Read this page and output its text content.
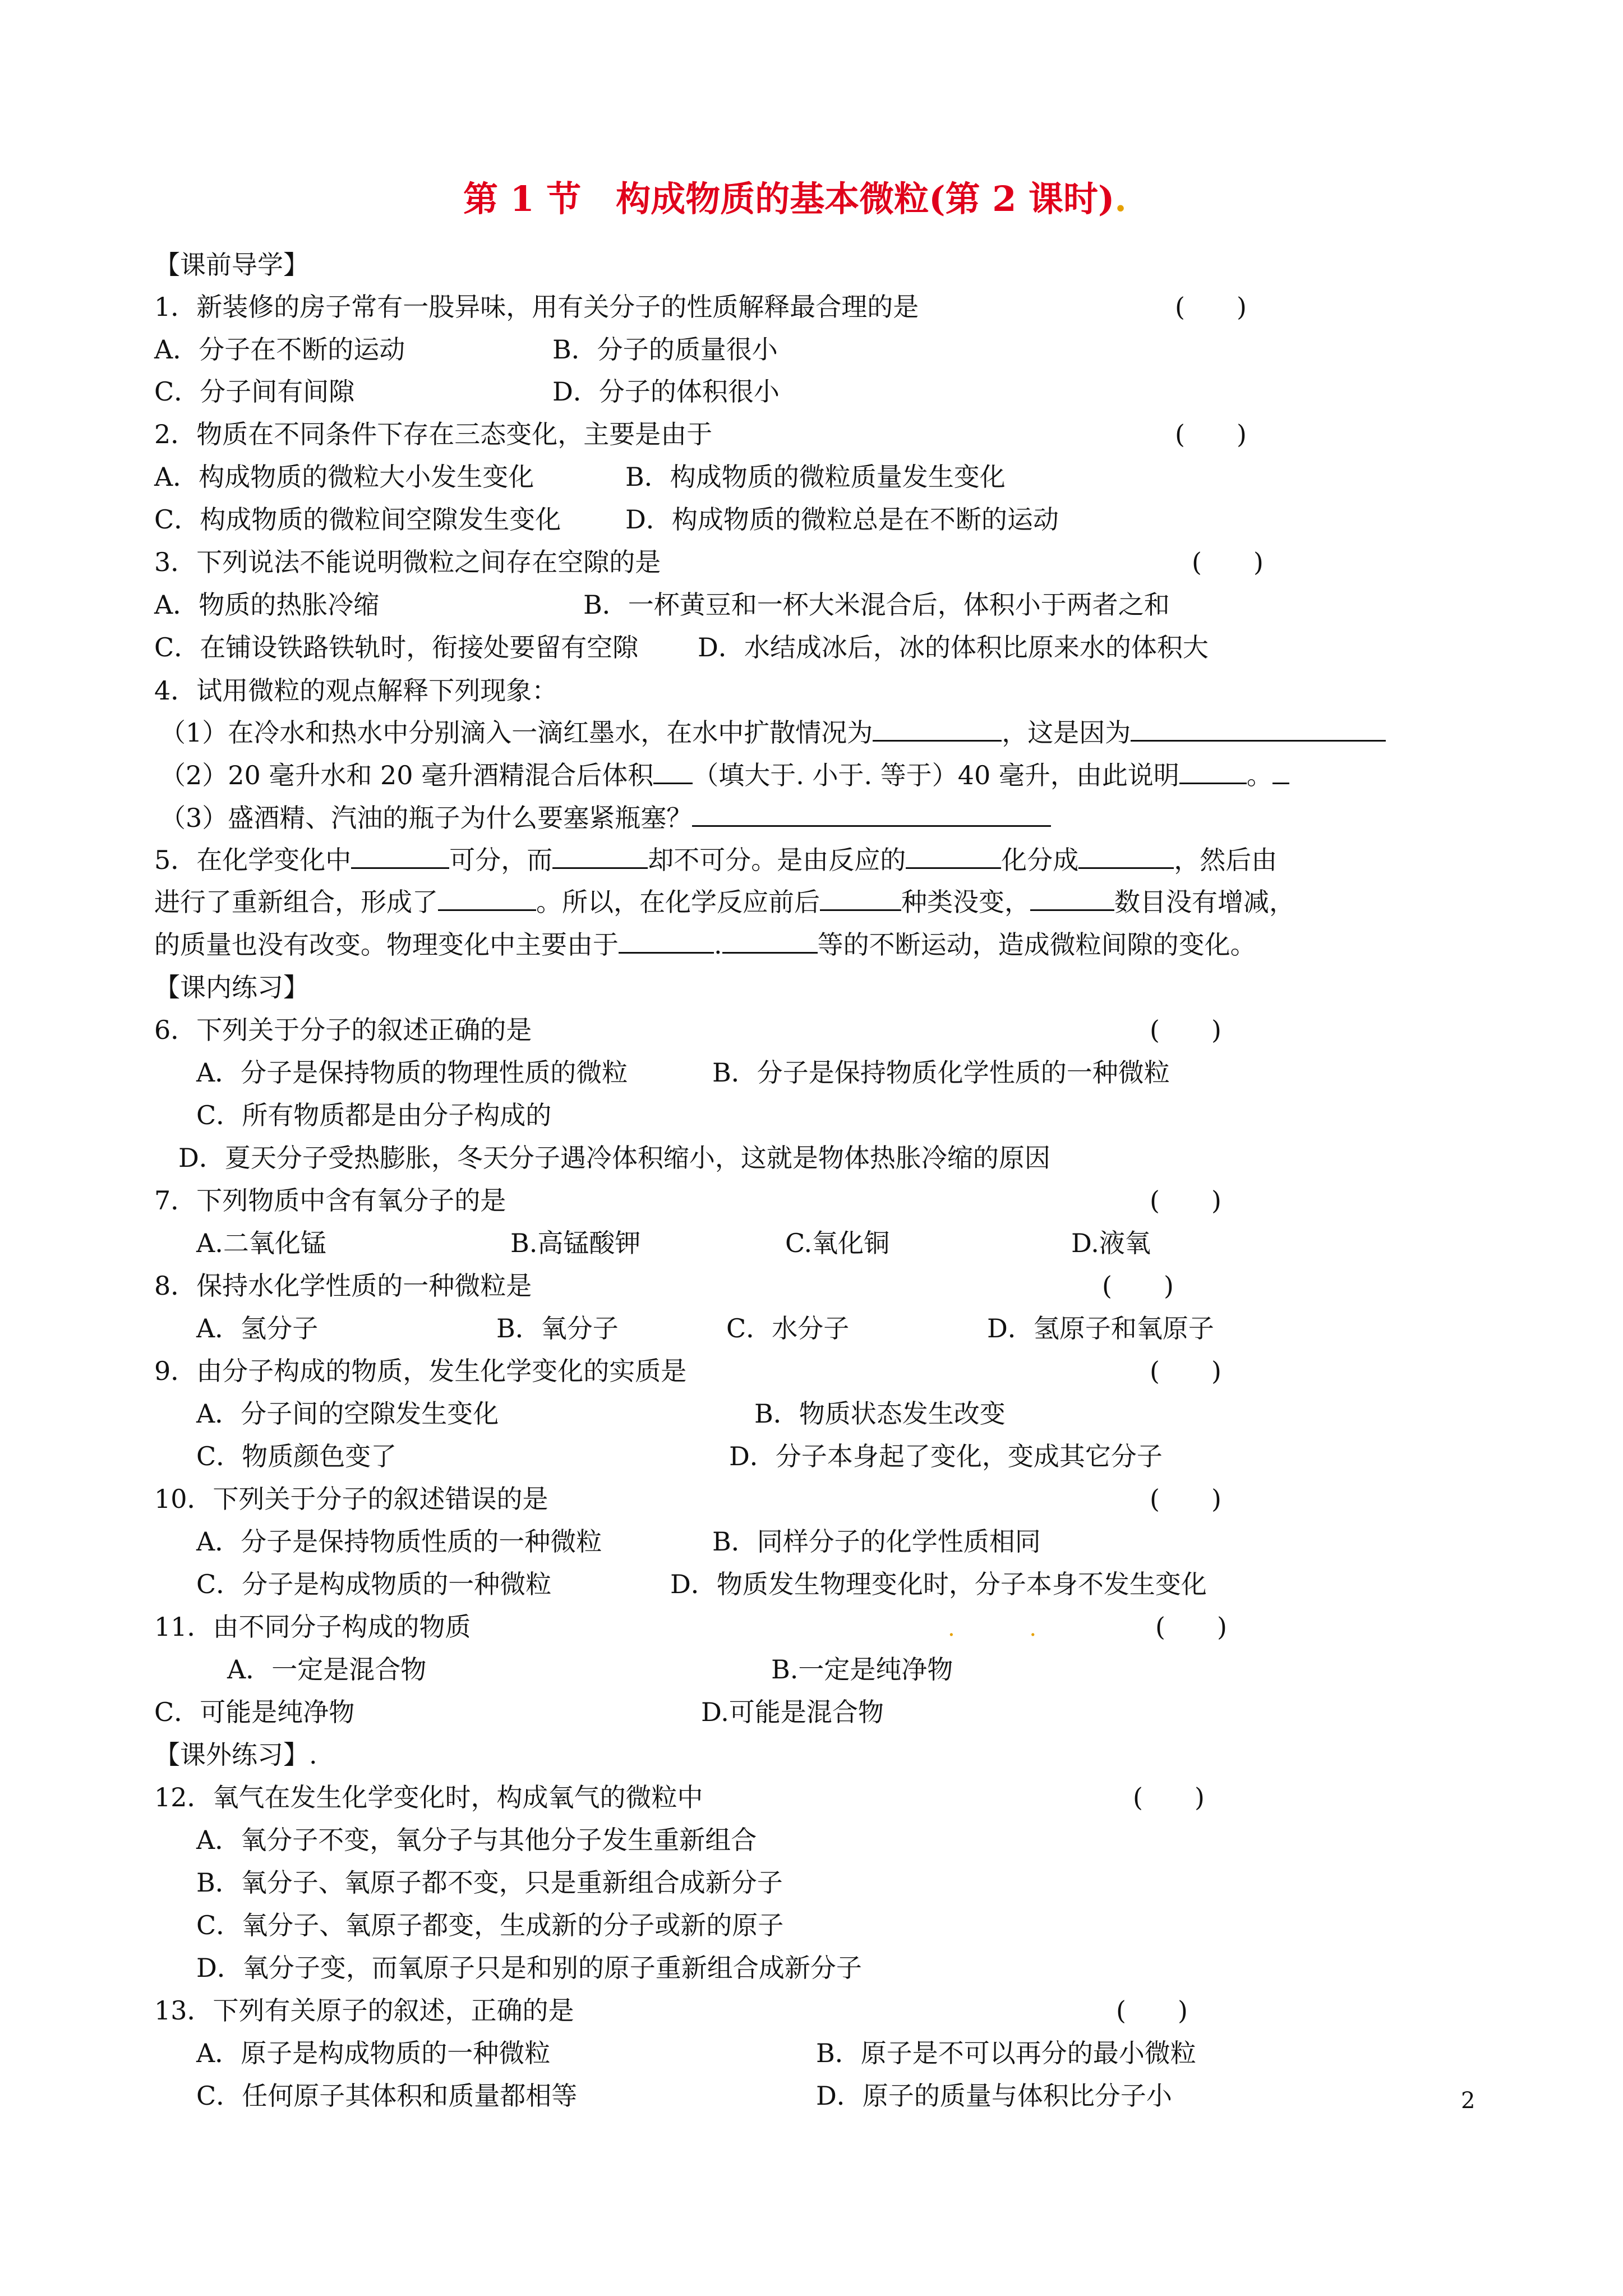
第 1 节　构成物质的基本微粒(第 2 课时).
【课前导学】
1．新装修的房子常有一股异味，用有关分子的性质解释最合理的是	(　　)
A．分子在不断的运动	B．分子的质量很小
C．分子间有间隙	D．分子的体积很小
2．物质在不同条件下存在三态变化，主要是由于	(　　)
A．构成物质的微粒大小发生变化	B．构成物质的微粒质量发生变化
C．构成物质的微粒间空隙发生变化 D．构成物质的微粒总是在不断的运动
3．下列说法不能说明微粒之间存在空隙的是	(　　)
A．物质的热胀冷缩	B．一杯黄豆和一杯大米混合后，体积小于两者之和
C．在铺设铁路铁轨时，衔接处要留有空隙 D．水结成冰后，冰的体积比原来水的体积大
4．试用微粒的观点解释下列现象：
（1）在冷水和热水中分别滴入一滴红墨水，在水中扩散情况为	，这是因为
（2）20 毫升水和 20 毫升酒精混合后体积 （填大于. 小于. 等于）40 毫升，由此说明	。
（3）盛酒精、汽油的瓶子为什么要塞紧瓶塞？
5．在化学变化中	可分，而	却不可分。是由反应的	化分成	，然后由
进行了重新组合，形成了	。所以，在化学反应前后	种类没变，	数目没有增减，
的质量也没有改变。物理变化中主要由于	.	等的不断运动，造成微粒间隙的变化。
【课内练习】
6．下列关于分子的叙述正确的是	(　　)
A．分子是保持物质的物理性质的微粒	B．分子是保持物质化学性质的一种微粒
C．所有物质都是由分子构成的
D．夏天分子受热膨胀，冬天分子遇冷体积缩小，这就是物体热胀冷缩的原因
7．下列物质中含有氧分子的是	(　　)
A.二氧化锰	B.高锰酸钾	C.氧化铜	D.液氧
8．保持水化学性质的一种微粒是	(　　)
A．氢分子	B．氧分子	C．水分子	D．氢原子和氧原子
9．由分子构成的物质，发生化学变化的实质是	(　　)
A．分子间的空隙发生变化	B．物质状态发生改变
C．物质颜色变了	D．分子本身起了变化，变成其它分子
10．下列关于分子的叙述错误的是	(　　)
A．分子是保持物质性质的一种微粒	B．同样分子的化学性质相同
C．分子是构成物质的一种微粒	D．物质发生物理变化时，分子本身不发生变化
11．由不同分子构成的物质	. .	(　　)
A．一定是混合物	B.一定是纯净物
C．可能是纯净物	D.可能是混合物
【课外练习】.
12．氧气在发生化学变化时，构成氧气的微粒中	(　　)
A．氧分子不变，氧分子与其他分子发生重新组合
B．氧分子、氧原子都不变，只是重新组合成新分子
C．氧分子、氧原子都变，生成新的分子或新的原子
D．氧分子变，而氧原子只是和别的原子重新组合成新分子
13．下列有关原子的叙述，正确的是	(　　)
A．原子是构成物质的一种微粒	B．原子是不可以再分的最小微粒
C．任何原子其体积和质量都相等	D．原子的质量与体积比分子小	2
